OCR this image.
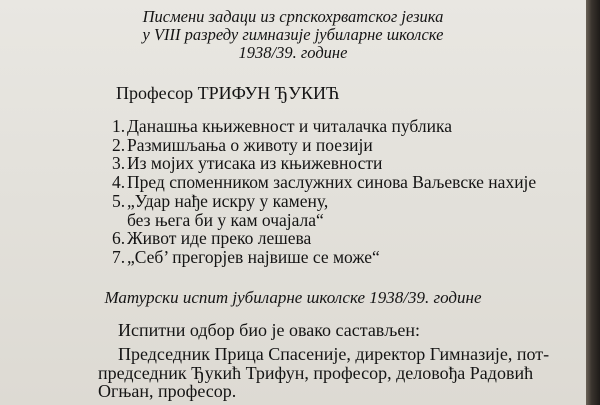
Писмени задаци из српскохрватског језика
у VIII разреду гимназије јубиларне школске
1938/39. године
Професор ТРИФУН ЂУКИЋ
1. Данашња књижевност и читалачка публика
2. Размишљања о животу и поезији
3. Из мојих утисака из књижевности
4. Пред споменником заслужних синова Ваљевске нахије
5. „Удар нађе искру у камену,
без њега би у кам очајала“
6. Живот иде преко лешева
7. „Себ’ прегорјев највише се може“
Матурски испит јубиларне школске 1938/39. године
Испитни одбор био је овако састављен:
Председник Прица Спасеније, директор Гимназије, пот-
председник Ђукић Трифун, професор, деловођа Радовић
Огњан, професор.
